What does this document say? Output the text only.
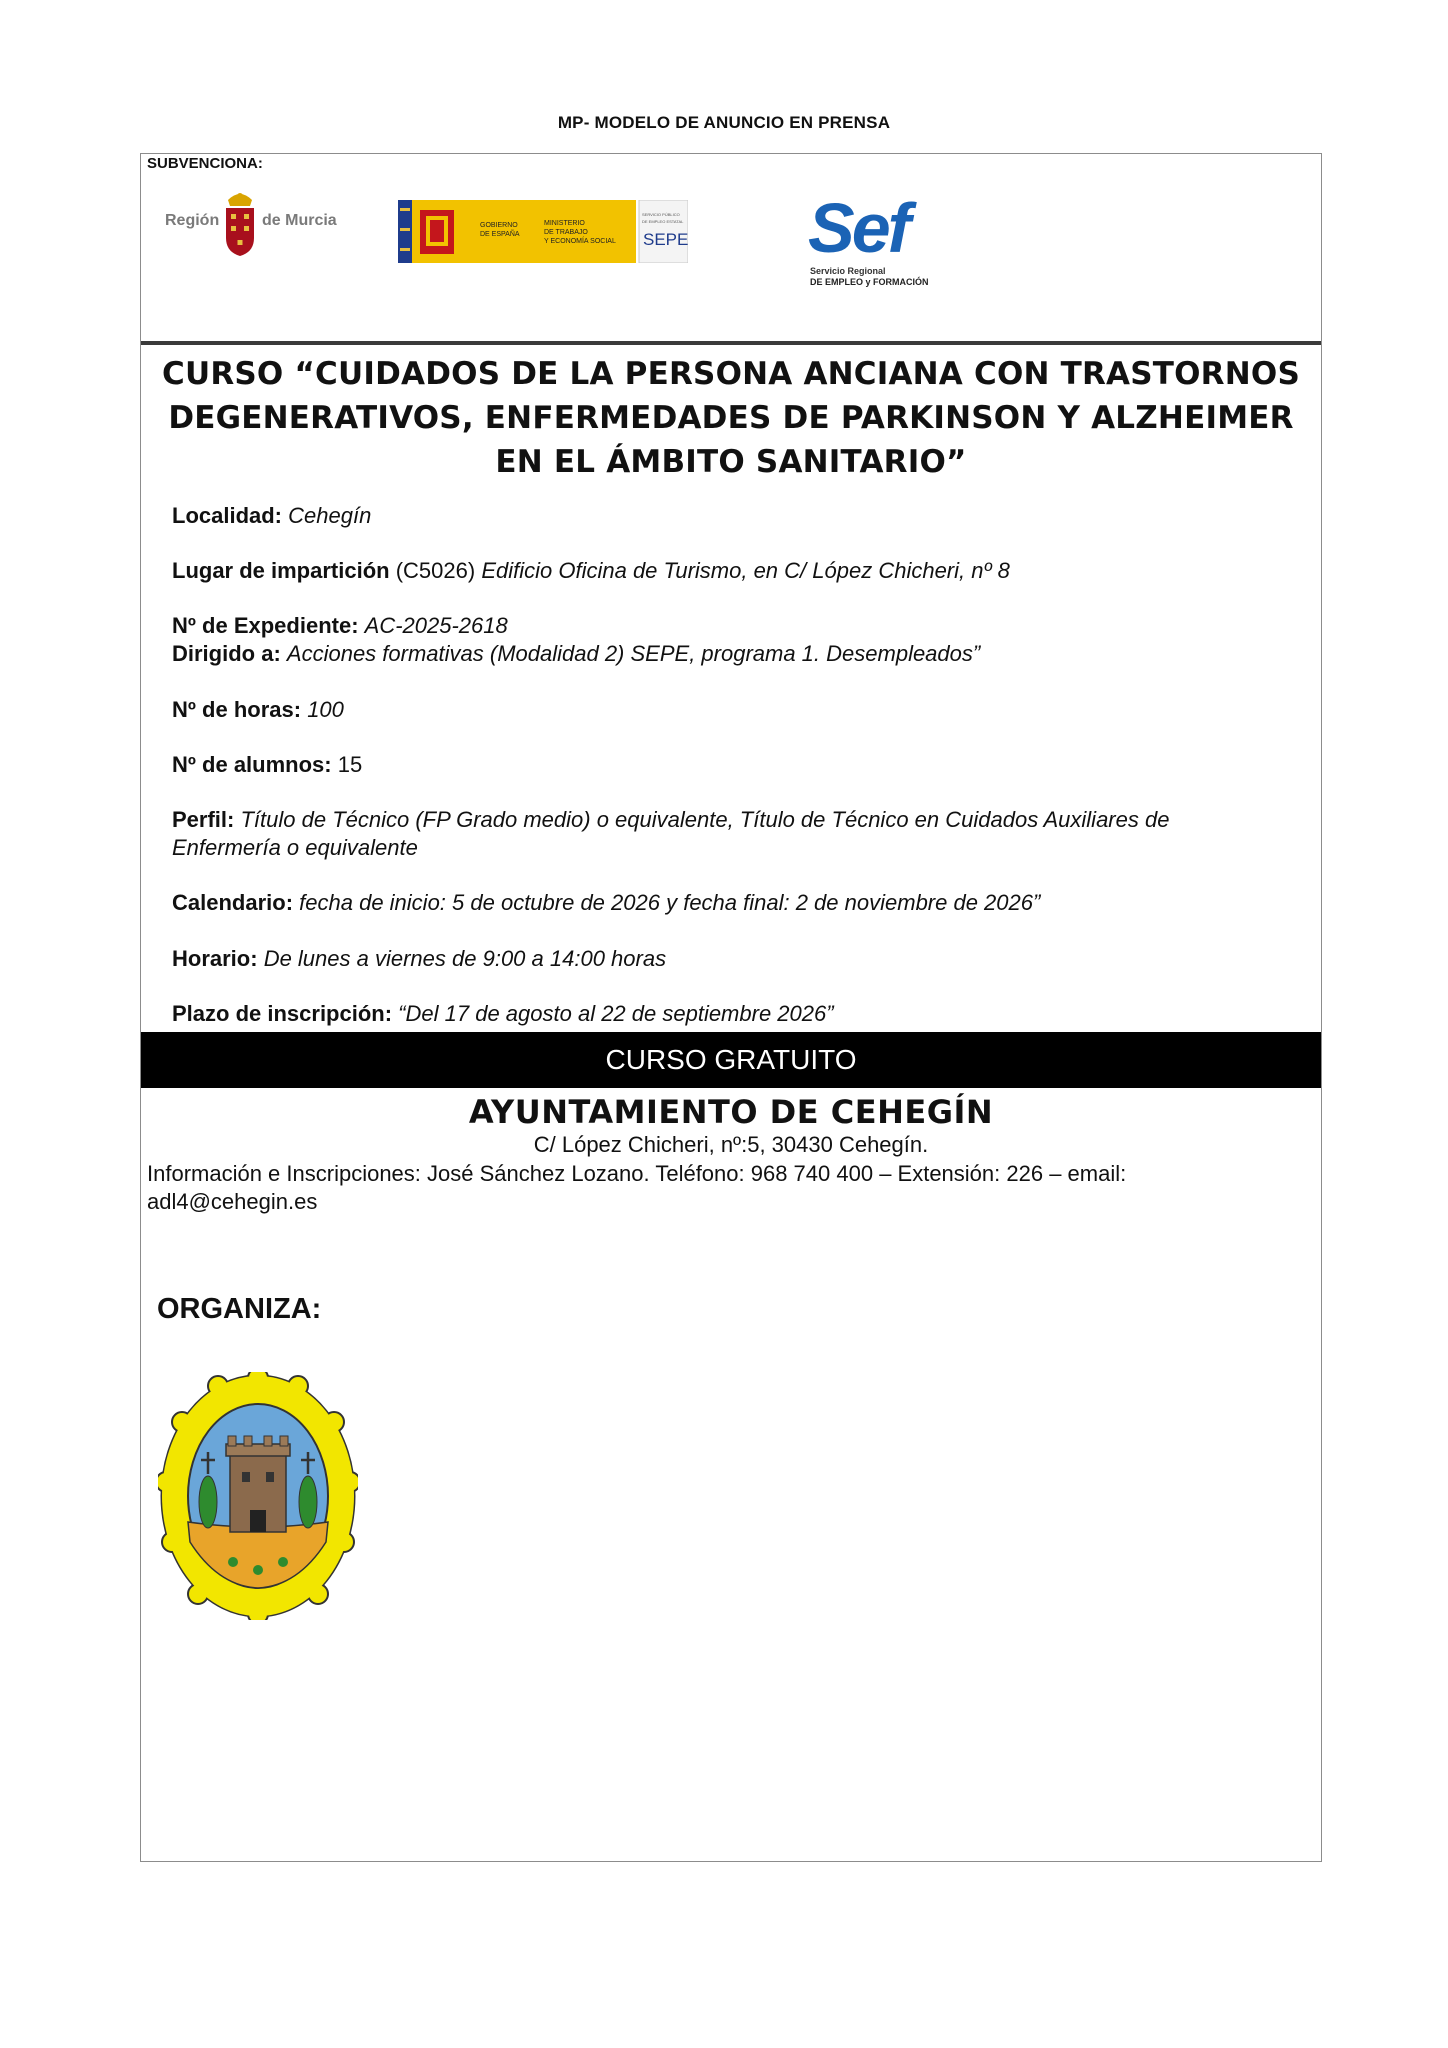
MP- MODELO DE ANUNCIO EN PRENSA
SUBVENCIONA:
Región	de Murcia	GOBIERNO
DE ESPAÑA
MINISTERIO
DE TRABAJO
Y ECONOMÍA SOCIAL
SERVICIO PÚBLICO
DE EMPLEO ESTATAL
SEPE Sef
Servicio Regional
DE EMPLEO y FORMACIÓN
CURSO “CUIDADOS DE LA PERSONA ANCIANA CON TRASTORNOS
DEGENERATIVOS, ENFERMEDADES DE PARKINSON Y ALZHEIMER
EN EL ÁMBITO SANITARIO”
Localidad: Cehegín
Lugar de impartición (C5026) Edificio Oficina de Turismo, en C/ López Chicheri, nº 8
Nº de Expediente: AC-2025-2618
Dirigido a: Acciones formativas (Modalidad 2) SEPE, programa 1. Desempleados”
Nº de horas: 100
Nº de alumnos: 15
Perfil: Título de Técnico (FP Grado medio) o equivalente, Título de Técnico en Cuidados Auxiliares de
Enfermería o equivalente
Calendario: fecha de inicio: 5 de octubre de 2026 y fecha final: 2 de noviembre de 2026”
Horario: De lunes a viernes de 9:00 a 14:00 horas
Plazo de inscripción: “Del 17 de agosto al 22 de septiembre 2026”
CURSO GRATUITO
AYUNTAMIENTO DE CEHEGÍN
C/ López Chicheri, nº:5, 30430 Cehegín.
Información e Inscripciones: José Sánchez Lozano. Teléfono: 968 740 400 – Extensión: 226 – email:
adl4@cehegin.es
ORGANIZA:
